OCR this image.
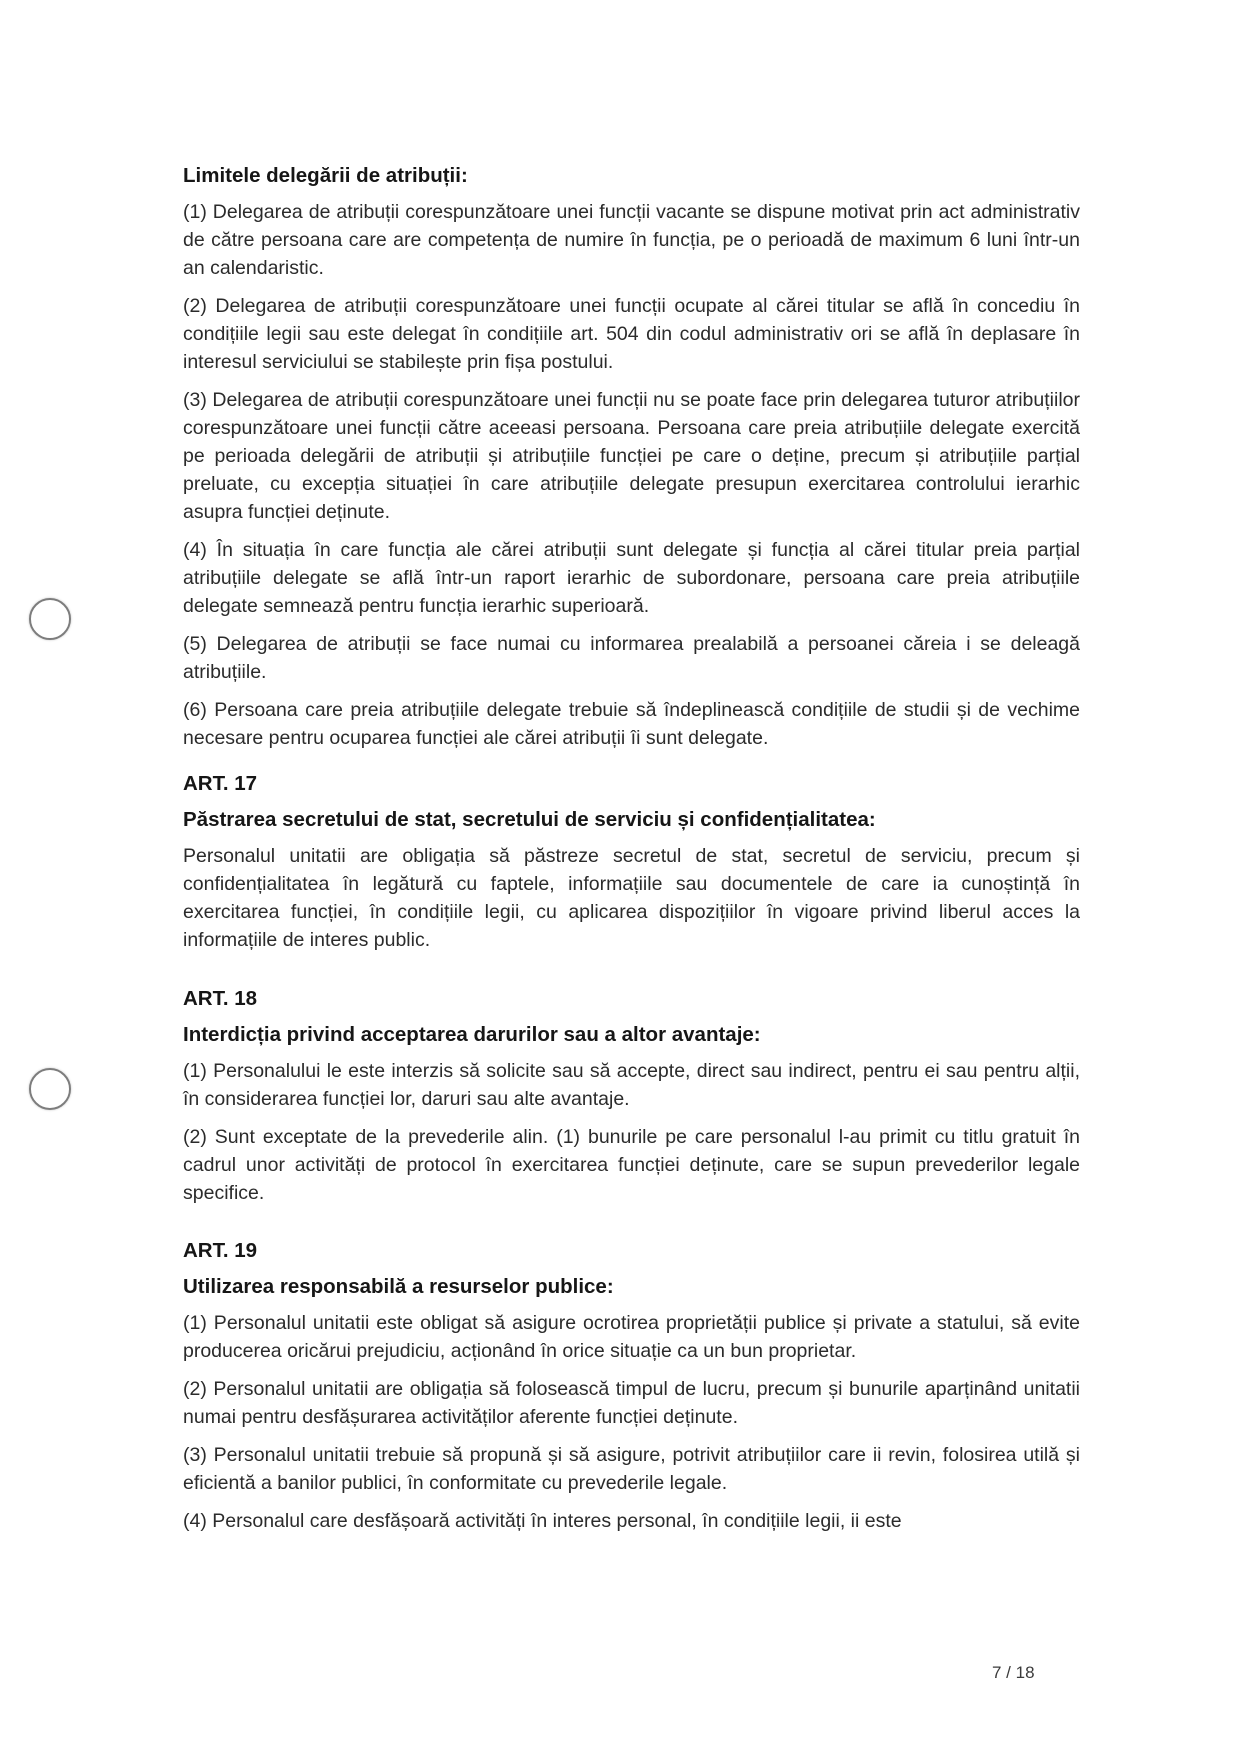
Limitele delegării de atribuții:

(1) Delegarea de atribuții corespunzătoare unei funcții vacante se dispune motivat prin act administrativ de către persoana care are competența de numire în funcția, pe o perioadă de maximum 6 luni într-un an calendaristic.

(2) Delegarea de atribuții corespunzătoare unei funcții ocupate al cărei titular se află în concediu în condițiile legii sau este delegat în condițiile art. 504 din codul administrativ ori se află în deplasare în interesul serviciului se stabilește prin fișa postului.

(3) Delegarea de atribuții corespunzătoare unei funcții nu se poate face prin delegarea tuturor atribuțiilor corespunzătoare unei funcții către aceeasi persoana. Persoana care preia atribuțiile delegate exercită pe perioada delegării de atribuții și atribuțiile funcției pe care o deține, precum și atribuțiile parțial preluate, cu excepția situației în care atribuțiile delegate presupun exercitarea controlului ierarhic asupra funcției deținute.

(4) În situația în care funcția ale cărei atribuții sunt delegate și funcția al cărei titular preia parțial atribuțiile delegate se află într-un raport ierarhic de subordonare, persoana care preia atribuțiile delegate semnează pentru funcția ierarhic superioară.

(5) Delegarea de atribuții se face numai cu informarea prealabilă a persoanei căreia i se deleagă atribuțiile.

(6) Persoana care preia atribuțiile delegate trebuie să îndeplinească condițiile de studii și de vechime necesare pentru ocuparea funcției ale cărei atribuții îi sunt delegate.

ART. 17
Păstrarea secretului de stat, secretului de serviciu și confidențialitatea:

Personalul unitatii are obligația să păstreze secretul de stat, secretul de serviciu, precum și confidențialitatea în legătură cu faptele, informațiile sau documentele de care ia cunoștință în exercitarea funcției, în condițiile legii, cu aplicarea dispozițiilor în vigoare privind liberul acces la informațiile de interes public.

ART. 18
Interdicția privind acceptarea darurilor sau a altor avantaje:

(1) Personalului le este interzis să solicite sau să accepte, direct sau indirect, pentru ei sau pentru alții, în considerarea funcției lor, daruri sau alte avantaje.

(2) Sunt exceptate de la prevederile alin. (1) bunurile pe care personalul l-au primit cu titlu gratuit în cadrul unor activități de protocol în exercitarea funcției deținute, care se supun prevederilor legale specifice.

ART. 19
Utilizarea responsabilă a resurselor publice:

(1) Personalul unitatii este obligat să asigure ocrotirea proprietății publice și private a statului, să evite producerea oricărui prejudiciu, acționând în orice situație ca un bun proprietar.

(2) Personalul unitatii are obligația să folosească timpul de lucru, precum și bunurile aparținând unitatii numai pentru desfășurarea activităților aferente funcției deținute.

(3) Personalul unitatii trebuie să propună și să asigure, potrivit atribuțiilor care ii revin, folosirea utilă și eficientă a banilor publici, în conformitate cu prevederile legale.

(4) Personalul care desfășoară activități în interes personal, în condițiile legii, ii este

7 / 18
